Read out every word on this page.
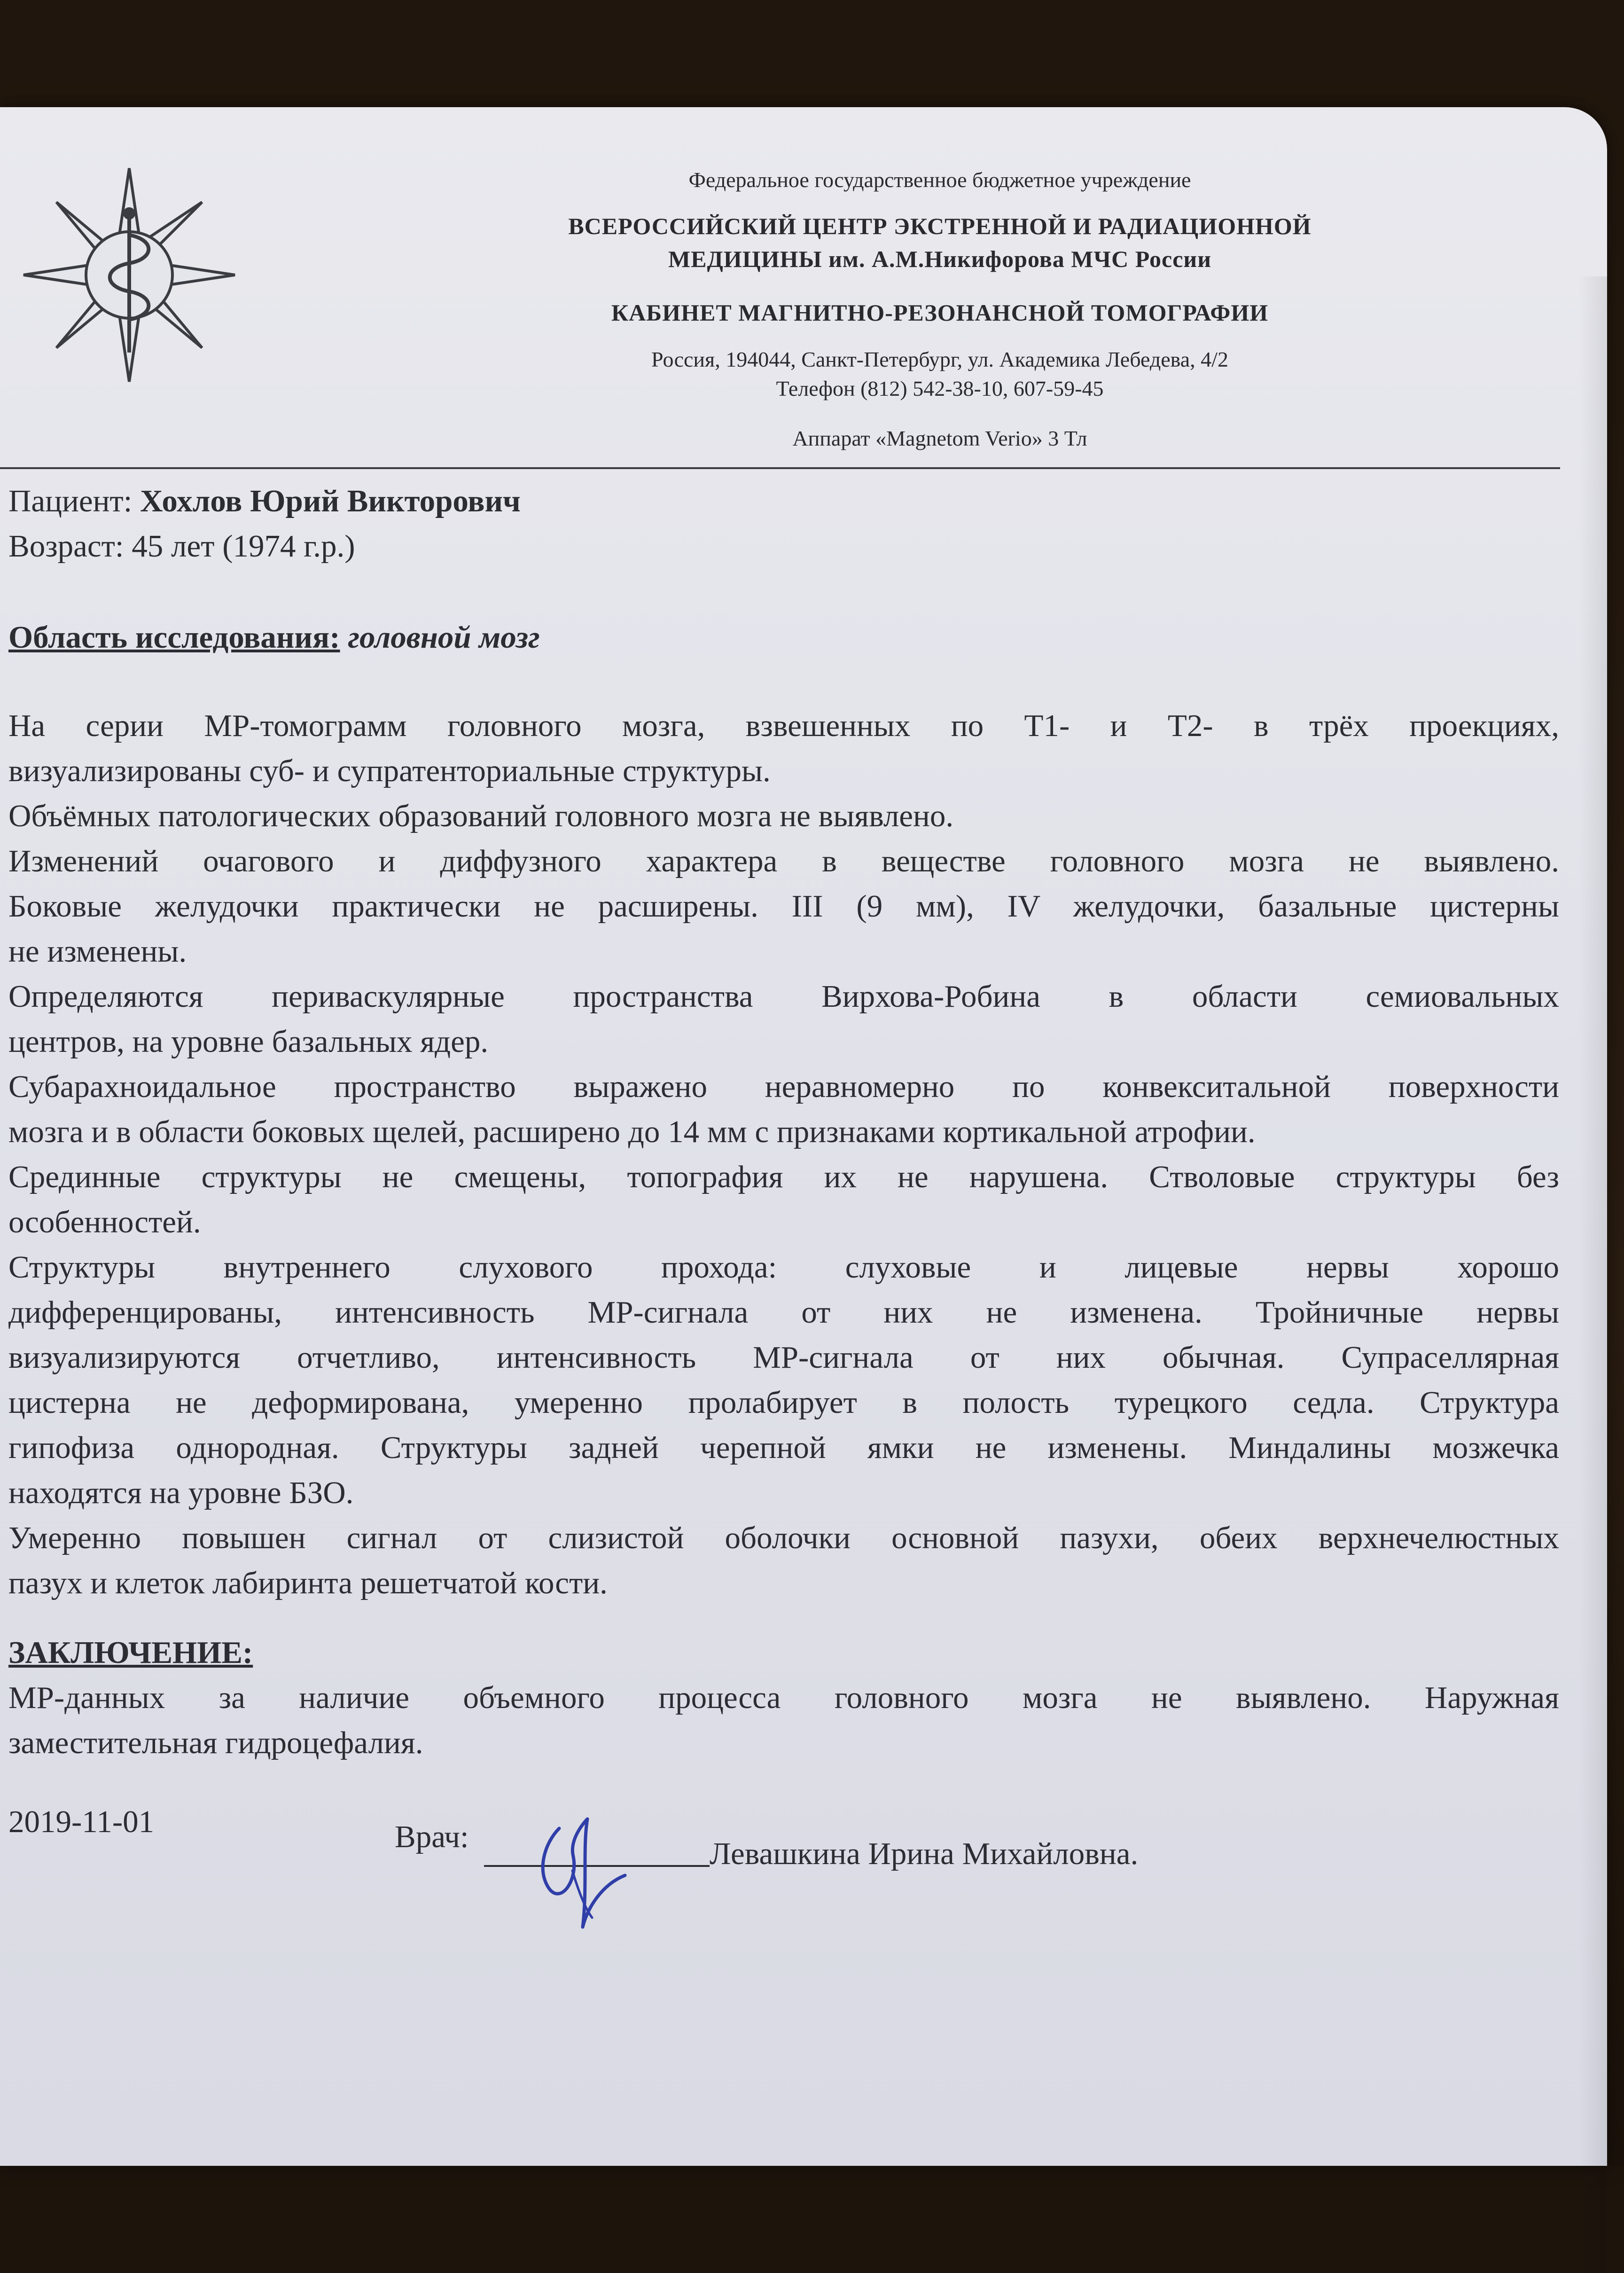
Федеральное государственное бюджетное учреждение
ВСЕРОССИЙСКИЙ ЦЕНТР ЭКСТРЕННОЙ И РАДИАЦИОННОЙ
МЕДИЦИНЫ им. А.М.Никифорова МЧС России
КАБИНЕТ МАГНИТНО-РЕЗОНАНСНОЙ ТОМОГРАФИИ
Россия, 194044, Санкт-Петербург, ул. Академика Лебедева, 4/2
Телефон (812) 542-38-10, 607-59-45
Аппарат «Magnetom Verio» 3 Тл
Пациент: Хохлов Юрий Викторович
Возраст: 45 лет (1974 г.р.)
Область исследования: головной мозг
На серии МР-томограмм головного мозга, взвешенных по Т1- и Т2- в трёх проекциях,
визуализированы суб- и супратенториальные структуры.
Объёмных патологических образований головного мозга не выявлено.
Изменений очагового и диффузного характера в веществе головного мозга не выявлено.
Боковые желудочки практически не расширены. III (9 мм), IV желудочки, базальные цистерны
не изменены.
Определяются периваскулярные пространства Вирхова-Робина в области семиовальных
центров, на уровне базальных ядер.
Субарахноидальное пространство выражено неравномерно по конвекситальной поверхности
мозга и в области боковых щелей, расширено до 14 мм с признаками кортикальной атрофии.
Срединные структуры не смещены, топография их не нарушена. Стволовые структуры без
особенностей.
Структуры внутреннего слухового прохода: слуховые и лицевые нервы хорошо
дифференцированы, интенсивность МР-сигнала от них не изменена. Тройничные нервы
визуализируются отчетливо, интенсивность МР-сигнала от них обычная. Супраселлярная
цистерна не деформирована, умеренно пролабирует в полость турецкого седла. Структура
гипофиза однородная. Структуры задней черепной ямки не изменены. Миндалины мозжечка
находятся на уровне БЗО.
Умеренно повышен сигнал от слизистой оболочки основной пазухи, обеих верхнечелюстных
пазух и клеток лабиринта решетчатой кости.
ЗАКЛЮЧЕНИЕ:
МР-данных за наличие объемного процесса головного мозга не выявлено. Наружная
заместительная гидроцефалия.
2019-11-01	Врач:	Левашкина Ирина Михайловна.
